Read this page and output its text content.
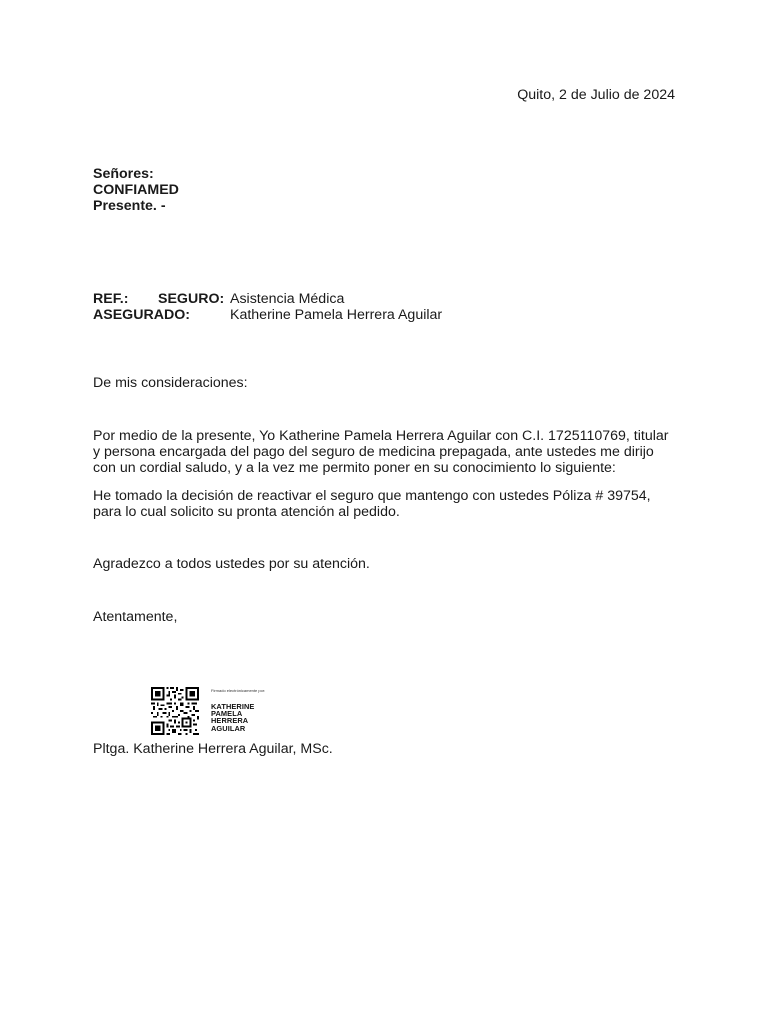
Quito, 2 de Julio de 2024
Señores:
CONFIAMED
Presente. -
REF.: SEGURO: Asistencia Médica
ASEGURADO:	Katherine Pamela Herrera Aguilar
De mis consideraciones:

Por medio de la presente, Yo Katherine Pamela Herrera Aguilar con C.I. 1725110769, titular y persona encargada del pago del seguro de medicina prepagada, ante ustedes me dirijo con un cordial saludo, y a la vez me permito poner en su conocimiento lo siguiente:

He tomado la decisión de reactivar el seguro que mantengo con ustedes Póliza # 39754, para lo cual solicito su pronta atención al pedido.

Agradezco a todos ustedes por su atención.
Atentamente,
Firmado electrónicamente por:
KATHERINE
PAMELA
HERRERA
AGUILAR
Pltga. Katherine Herrera Aguilar, MSc.
